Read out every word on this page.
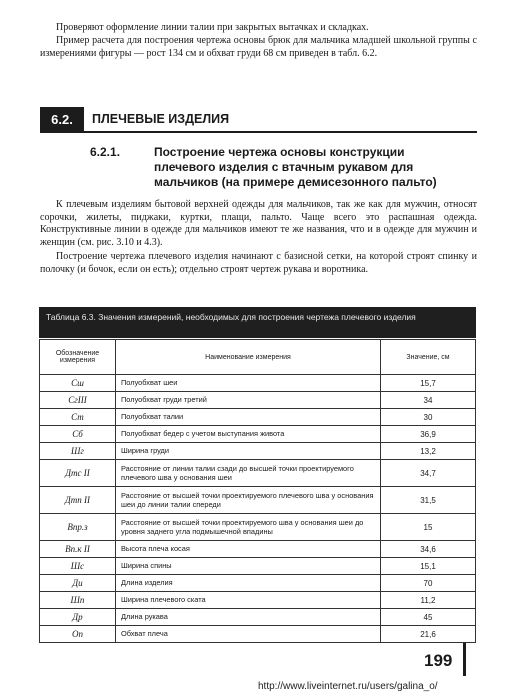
Проверяют оформление линии талии при закрытых вытачках и складках.
Пример расчета для построения чертежа основы брюк для мальчика младшей школьной группы с измерениями фигуры — рост 134 см и обхват груди 68 см приведен в табл. 6.2.
6.2.	ПЛЕЧЕВЫЕ ИЗДЕЛИЯ
6.2.1.	Построение чертежа основы конструкции плечевого изделия с втачным рукавом для мальчиков (на примере демисезонного пальто)
К плечевым изделиям бытовой верхней одежды для мальчиков, так же как для мужчин, относят сорочки, жилеты, пиджаки, куртки, плащи, пальто. Чаще всего это распашная одежда. Конструктивные линии в одежде для мальчиков имеют те же названия, что и в одежде для мужчин и женщин (см. рис. 3.10 и 4.3).
Построение чертежа плечевого изделия начинают с базисной сетки, на которой строят спинку и полочку (и бочок, если он есть); отдельно строят чертеж рукава и воротника.
Таблица 6.3. Значения измерений, необходимых для построения чертежа плечевого изделия
Обозначение измерения	Наименование измерения	Значение, см
Сш	Полуобхват шеи	15,7
СгIII	Полуобхват груди третий	34
Ст	Полуобхват талии	30
Сб	Полуобхват бедер с учетом выступания живота	36,9
Шг	Ширина груди	13,2
Дтс II	Расстояние от линии талии сзади до высшей точки проектируемого плечевого шва у основания шеи	34,7
Дтп II	Расстояние от высшей точки проектируемого плечевого шва у основания шеи до линии талии спереди	31,5
Впр.з	Расстояние от высшей точки проектируемого шва у основания шеи до уровня заднего угла подмышечной впадины	15
Вп.к II	Высота плеча косая	34,6
Шс	Ширина спины	15,1
Ди	Длина изделия	70
Шп	Ширина плечевого ската	11,2
Др	Длина рукава	45
Оп	Обхват плеча	21,6
199
http://www.liveinternet.ru/users/galina_o/
